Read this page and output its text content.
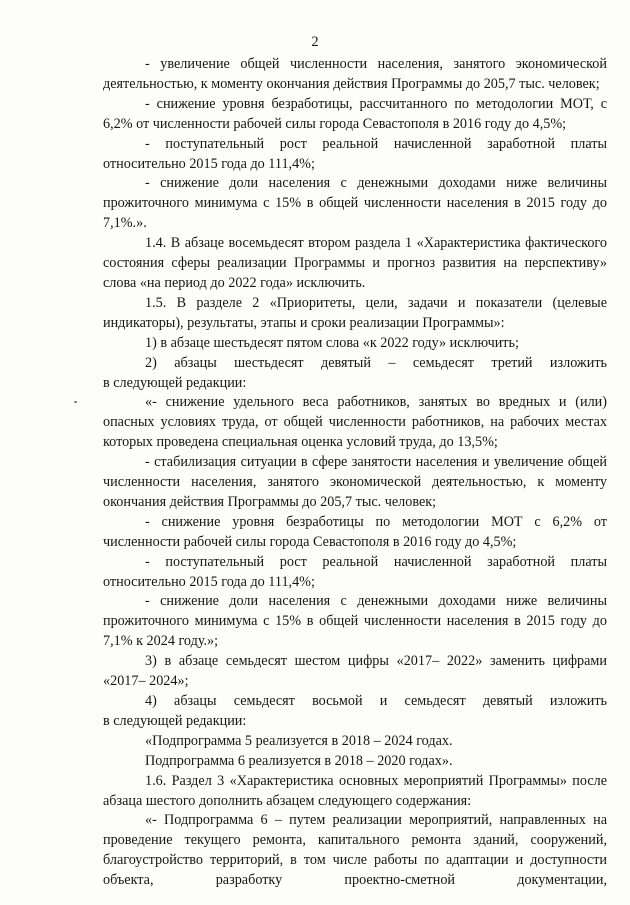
2

- увеличение общей численности населения, занятого экономической деятельностью, к моменту окончания действия Программы до 205,7 тыс. человек;

- снижение уровня безработицы, рассчитанного по методологии МОТ, с 6,2% от численности рабочей силы города Севастополя в 2016 году до 4,5%;

- поступательный рост реальной начисленной заработной платы относительно 2015 года до 111,4%;

- снижение доли населения с денежными доходами ниже величины прожиточного минимума с 15% в общей численности населения в 2015 году до 7,1%.».

1.4. В абзаце восемьдесят втором раздела 1 «Характеристика фактического состояния сферы реализации Программы и прогноз развития на перспективу» слова «на период до 2022 года» исключить.

1.5. В разделе 2 «Приоритеты, цели, задачи и показатели (целевые индикаторы), результаты, этапы и сроки реализации Программы»:

1) в абзаце шестьдесят пятом слова «к 2022 году» исключить;

2) абзацы шестьдесят девятый – семьдесят третий изложить

в следующей редакции:

«- снижение удельного веса работников, занятых во вредных и (или) опасных условиях труда, от общей численности работников, на рабочих местах которых проведена специальная оценка условий труда, до 13,5%;

- стабилизация ситуации в сфере занятости населения и увеличение общей численности населения, занятого экономической деятельностью, к моменту окончания действия Программы до 205,7 тыс. человек;

- снижение уровня безработицы по методологии МОТ с 6,2% от численности рабочей силы города Севастополя в 2016 году до 4,5%;

- поступательный рост реальной начисленной заработной платы относительно 2015 года до 111,4%;

- снижение доли населения с денежными доходами ниже величины прожиточного минимума с 15% в общей численности населения в 2015 году до 7,1% к 2024 году.»;

3) в абзаце семьдесят шестом цифры «2017– 2022» заменить цифрами «2017– 2024»;

4) абзацы семьдесят восьмой и семьдесят девятый изложить

в следующей редакции:

«Подпрограмма 5 реализуется в 2018 – 2024 годах.

Подпрограмма 6 реализуется в 2018 – 2020 годах».

1.6. Раздел 3 «Характеристика основных мероприятий Программы» после абзаца шестого дополнить абзацем следующего содержания:

«- Подпрограмма 6 – путем реализации мероприятий, направленных на проведение текущего ремонта, капитального ремонта зданий, сооружений, благоустройство территорий, в том числе работы по адаптации и доступности объекта, разработку проектно-сметной документации,
